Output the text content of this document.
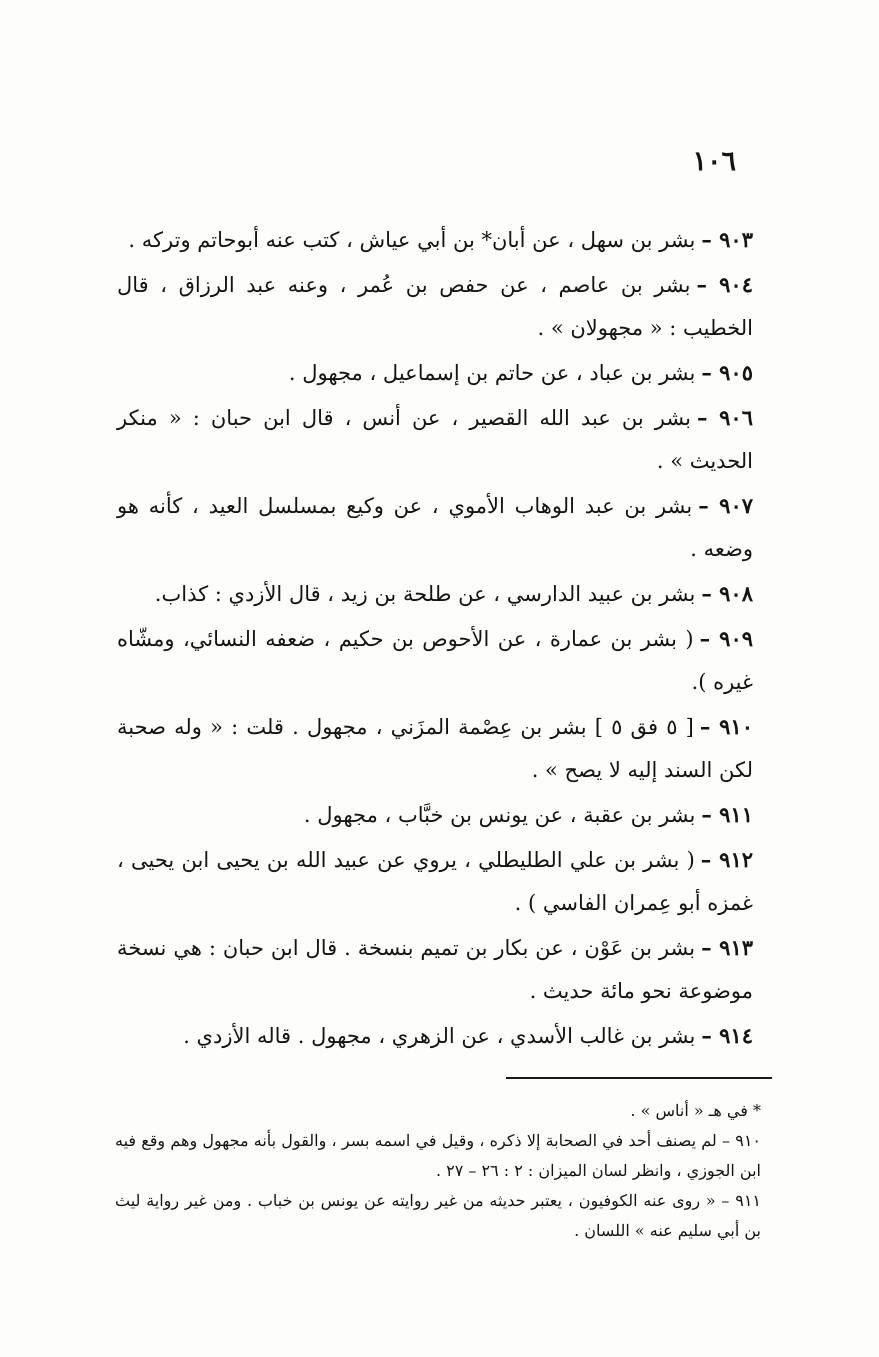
١٠٦

٩٠٣ –بشر بن سهل ، عن أبان* بن أبي عياش ، كتب عنه أبوحاتم وتركه .

٩٠٤ –بشر بن عاصم ، عن حفص بن عُمر ، وعنه عبد الرزاق ، قال الخطيب : « مجهولان » .

٩٠٥ –بشر بن عباد ، عن حاتم بن إسماعيل ، مجهول .

٩٠٦ –بشر بن عبد الله القصير ، عن أنس ، قال ابن حبان : « منكر الحديث » .

٩٠٧ –بشر بن عبد الوهاب الأموي ، عن وكيع بمسلسل العيد ، كأنه هو وضعه .

٩٠٨ –بشر بن عبيد الدارسي ، عن طلحة بن زيد ، قال الأزدي : كذاب.

٩٠٩ –( بشر بن عمارة ، عن الأحوص بن حكيم ، ضعفه النسائي، ومشّاه غيره ).

٩١٠ –[ ٥ فق ٥ ] بشر بن عِصْمة المزَني ، مجهول . قلت : « وله صحبة لكن السند إليه لا يصح » .

٩١١ –بشر بن عقبة ، عن يونس بن خبَّاب ، مجهول .

٩١٢ –( بشر بن علي الطليطلي ، يروي عن عبيد الله بن يحيى ابن يحيى ، غمزه أبو عِمران الفاسي ) .

٩١٣ –بشر بن عَوْن ، عن بكار بن تميم بنسخة . قال ابن حبان : هي نسخة موضوعة نحو مائة حديث .

٩١٤ –بشر بن غالب الأسدي ، عن الزهري ، مجهول . قاله الأزدي .

* في هـ « أناس » .

٩١٠ – لم يصنف أحد في الصحابة إلا ذكره ، وقيل في اسمه بسر ، والقول بأنه مجهول وهم وقع فيه ابن الجوزي ، وانظر لسان الميزان : ٢ : ٢٦ – ٢٧ .

٩١١ – « روى عنه الكوفيون ، يعتبر حديثه من غير روايته عن يونس بن خباب . ومن غير رواية ليث بن أبي سليم عنه » اللسان .
